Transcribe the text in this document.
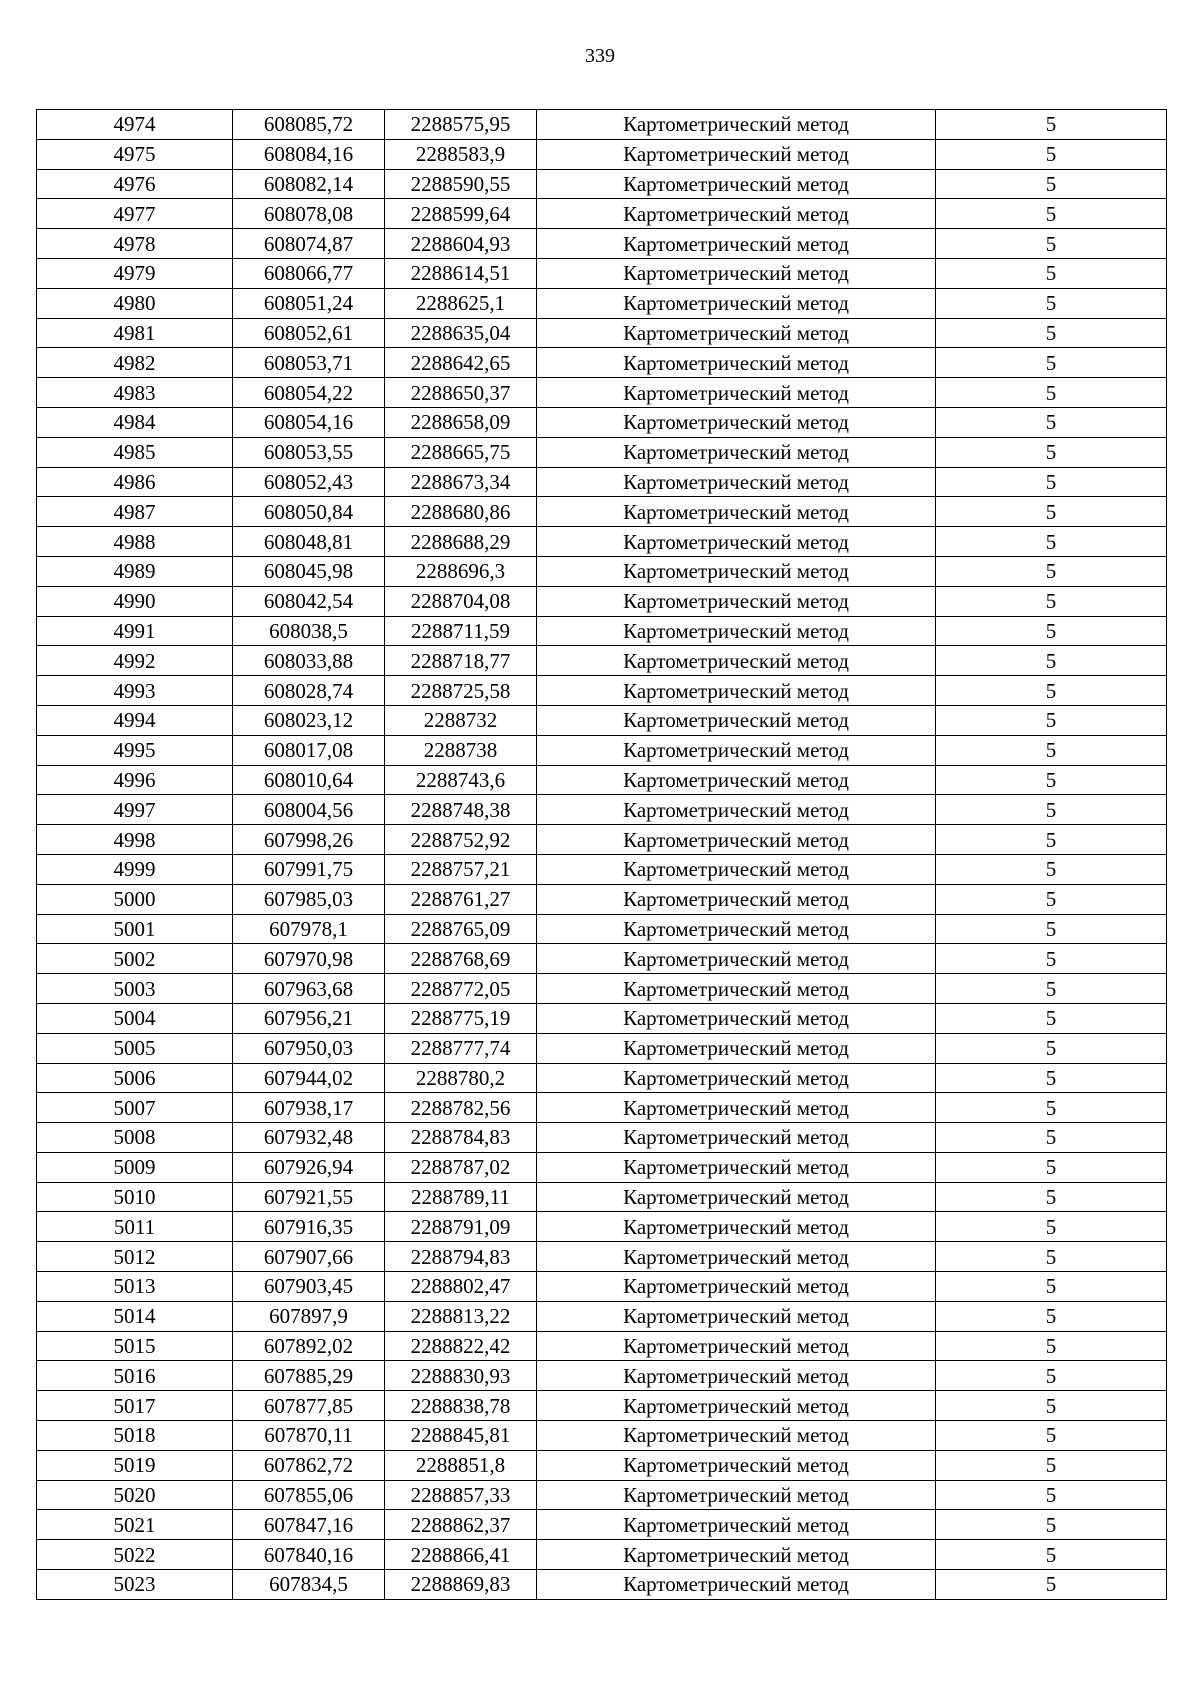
339
4974	608085,72	2288575,95	Картометрический метод	5
4975	608084,16	2288583,9	Картометрический метод	5
4976	608082,14	2288590,55	Картометрический метод	5
4977	608078,08	2288599,64	Картометрический метод	5
4978	608074,87	2288604,93	Картометрический метод	5
4979	608066,77	2288614,51	Картометрический метод	5
4980	608051,24	2288625,1	Картометрический метод	5
4981	608052,61	2288635,04	Картометрический метод	5
4982	608053,71	2288642,65	Картометрический метод	5
4983	608054,22	2288650,37	Картометрический метод	5
4984	608054,16	2288658,09	Картометрический метод	5
4985	608053,55	2288665,75	Картометрический метод	5
4986	608052,43	2288673,34	Картометрический метод	5
4987	608050,84	2288680,86	Картометрический метод	5
4988	608048,81	2288688,29	Картометрический метод	5
4989	608045,98	2288696,3	Картометрический метод	5
4990	608042,54	2288704,08	Картометрический метод	5
4991	608038,5	2288711,59	Картометрический метод	5
4992	608033,88	2288718,77	Картометрический метод	5
4993	608028,74	2288725,58	Картометрический метод	5
4994	608023,12	2288732	Картометрический метод	5
4995	608017,08	2288738	Картометрический метод	5
4996	608010,64	2288743,6	Картометрический метод	5
4997	608004,56	2288748,38	Картометрический метод	5
4998	607998,26	2288752,92	Картометрический метод	5
4999	607991,75	2288757,21	Картометрический метод	5
5000	607985,03	2288761,27	Картометрический метод	5
5001	607978,1	2288765,09	Картометрический метод	5
5002	607970,98	2288768,69	Картометрический метод	5
5003	607963,68	2288772,05	Картометрический метод	5
5004	607956,21	2288775,19	Картометрический метод	5
5005	607950,03	2288777,74	Картометрический метод	5
5006	607944,02	2288780,2	Картометрический метод	5
5007	607938,17	2288782,56	Картометрический метод	5
5008	607932,48	2288784,83	Картометрический метод	5
5009	607926,94	2288787,02	Картометрический метод	5
5010	607921,55	2288789,11	Картометрический метод	5
5011	607916,35	2288791,09	Картометрический метод	5
5012	607907,66	2288794,83	Картометрический метод	5
5013	607903,45	2288802,47	Картометрический метод	5
5014	607897,9	2288813,22	Картометрический метод	5
5015	607892,02	2288822,42	Картометрический метод	5
5016	607885,29	2288830,93	Картометрический метод	5
5017	607877,85	2288838,78	Картометрический метод	5
5018	607870,11	2288845,81	Картометрический метод	5
5019	607862,72	2288851,8	Картометрический метод	5
5020	607855,06	2288857,33	Картометрический метод	5
5021	607847,16	2288862,37	Картометрический метод	5
5022	607840,16	2288866,41	Картометрический метод	5
5023	607834,5	2288869,83	Картометрический метод	5
